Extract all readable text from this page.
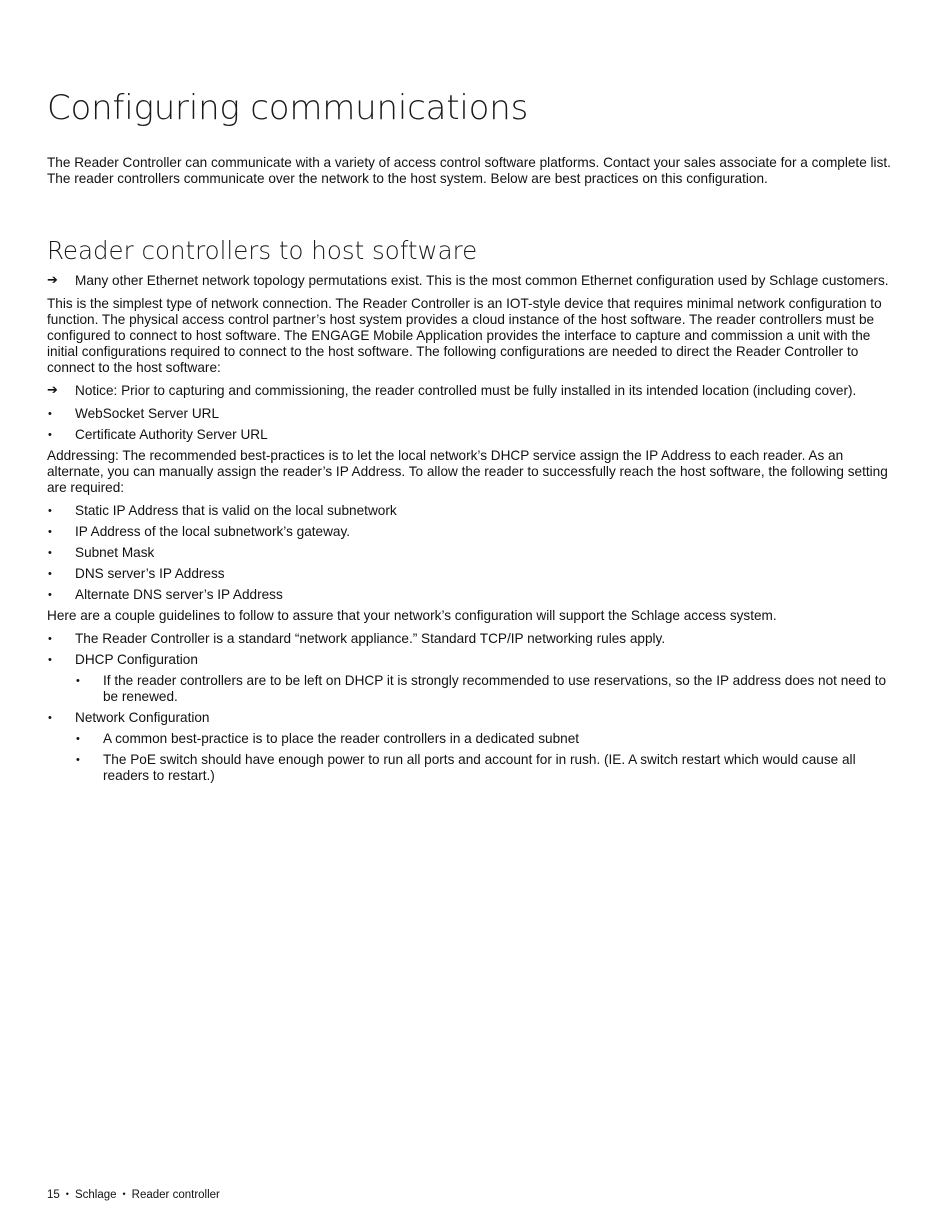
Configuring communications

The Reader Controller can communicate with a variety of access control software platforms. Contact your sales associate for a complete list. The reader controllers communicate over the network to the host system. Below are best practices on this configuration.

Reader controllers to host software
➔	Many other Ethernet network topology permutations exist. This is the most common Ethernet configuration used by Schlage customers.

This is the simplest type of network connection. The Reader Controller is an IOT-style device that requires minimal network configuration to function. The physical access control partner’s host system provides a cloud instance of the host software. The reader controllers must be configured to connect to host software. The ENGAGE Mobile Application provides the interface to capture and commission a unit with the initial configurations required to connect to the host software. The following configurations are needed to direct the Reader Controller to connect to the host software:

➔	Notice: Prior to capturing and commissioning, the reader controlled must be fully installed in its intended location (including cover).
•	WebSocket Server URL
•	Certificate Authority Server URL

Addressing: The recommended best-practices is to let the local network’s DHCP service assign the IP Address to each reader. As an alternate, you can manually assign the reader’s IP Address. To allow the reader to successfully reach the host software, the following setting are required:

•	Static IP Address that is valid on the local subnetwork
•	IP Address of the local subnetwork’s gateway.
•	Subnet Mask
•	DNS server’s IP Address
•	Alternate DNS server’s IP Address

Here are a couple guidelines to follow to assure that your network’s configuration will support the Schlage access system.

•	The Reader Controller is a standard “network appliance.” Standard TCP/IP networking rules apply.
•	DHCP Configuration
•	If the reader controllers are to be left on DHCP it is strongly recommended to use reservations, so the IP address does not need to be renewed.
•	Network Configuration
•	A common best-practice is to place the reader controllers in a dedicated subnet
•	The PoE switch should have enough power to run all ports and account for in rush. (IE. A switch restart which would cause all readers to restart.)
15 • Schlage • Reader controller
